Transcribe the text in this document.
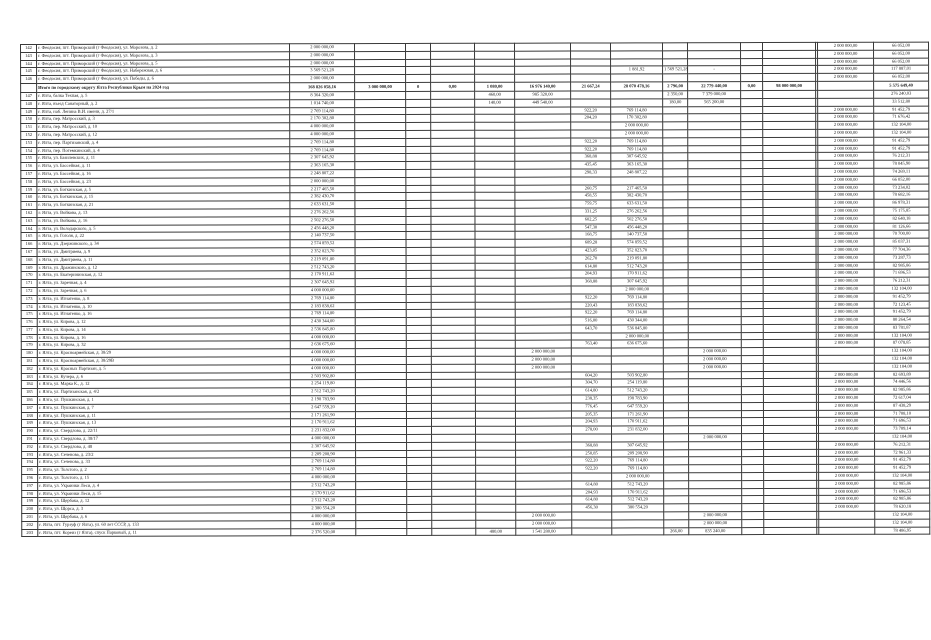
142	г. Феодосия, пгт. Приморский (г Феодосия), ул. Морозова, д. 2	2 000 000,00													2 000 000,00	66 052,00
143	г. Феодосия, пгт. Приморский (г Феодосия), ул. Морозова, д. 3	2 000 000,00													2 000 000,00	66 052,00
144	г. Феодосия, пгт. Приморский (г Феодосия), ул. Морозова, д. 5	2 000 000,00													2 000 000,00	66 052,00
145	г. Феодосия, пгт. Приморский (г Феодосия), ул. Набережная, д. 6	3 569 521,28							1 881,92	1 569 521,28	-				2 000 000,00	117 887,01
146	г. Феодосия, пгт. Приморский (г Феодосия), ул. Победы, д. 6	2 000 000,00													2 000 000,00	66 052,00
	Итого по городскому округу Ялта Республики Крым на 2024 год	168 826 058,16	3 000 000,00	0	0,00	1 080,00	16 976 140,00	21 667,24	28 070 478,16	2 796,00	22 779 440,00	0,00	98 000 000,00			5 575 649,40
147	г. Ялта, балка Техпая, д. 5	8 364 320,00				460,00	985 320,00			2 350,00	7 379 000,00					276 240,03
148	г. Ялта, въезд Санаторный, д. 2	1 014 740,00				140,00	449 540,00			180,00	565 200,00					33 512,80
149	г. Ялта, наб. Ленина В.И. имени, д. 27/1	2 769 114,80						922,20	769 114,80						2 000 000,00	91 452,79
150	г. Ялта, пер. Матросский, д. 3	2 170 302,80						204,20	170 302,80						2 000 000,00	71 676,42
151	г. Ялта, пер. Матросский, д. 10	4 000 000,00							2 000 000,00						2 000 000,00	132 104,00
152	г. Ялта, пер. Матросский, д. 12	4 000 000,00							2 000 000,00						2 000 000,00	132 104,00
153	г. Ялта, пер. Партизанский, д. 4	2 769 114,80						922,20	769 114,80						2 000 000,00	91 452,79
154	г. Ялта, пер. Потемкинский, д. 4	2 769 114,80						922,20	769 114,80						2 000 000,00	91 452,79
155	г. Ялта, ул. Базилевских, д. 11	2 307 645,92						368,88	307 645,92						2 000 000,00	76 212,31
156	г. Ялта, ул. Бассейная, д. 11	2 363 165,30						435,45	363 165,30						2 000 000,00	78 045,90
157	г. Ялта, ул. Бассейная, д. 16	2 248 807,22						298,33	248 807,22						2 000 000,00	74 269,11
158	г. Ялта, ул. Бассейная, д. 23	2 000 000,00													2 000 000,00	66 052,00
159	г. Ялта, ул. Боткинская, д. 5	2 217 465,50						260,75	217 465,50						2 000 000,00	73 234,02
160	г. Ялта, ул. Боткинская, д. 15	2 382 430,70						458,55	382 430,70						2 000 000,00	78 682,16
161	г. Ялта, ул. Боткинская, д. 21	2 633 631,50						759,75	633 631,50						2 000 000,00	86 978,31
162	г. Ялта, ул. Войкова, д. 13	2 276 262,56						331,25	276 262,56						2 000 000,00	75 175,85
163	г. Ялта, ул. Войкова, д. 16	2 502 276,50						602,25	502 276,50						2 000 000,00	82 640,18
164	г. Ялта, ул. Володарского, д. 5	2 456 448,20						547,30	456 448,20						2 000 000,00	81 126,66
165	г. Ялта, ул. Гоголя, д. 22	2 140 737,50						168,75	140 737,50						2 000 000,00	70 700,00
166	г. Ялта, ул. Дзержинского, д. 34	2 574 859,52						689,28	574 859,52						2 000 000,00	85 037,31
167	г. Ялта, ул. Дмитриева, д. 9	2 352 823,70						423,05	352 823,70						2 000 000,00	77 704,36
168	г. Ялта, ул. Дмитриева, д. 11	2 219 091,80						262,70	219 091,80						2 000 000,00	73 287,73
169	г. Ялта, ул. Дражинского, д. 12	2 512 743,20						614,80	512 743,20						2 000 000,00	82 985,86
170	г. Ялта, ул. Екатерининская, д. 12	2 170 911,62						204,93	170 911,62						2 000 000,00	71 696,53
171	г. Ялта, ул. Заречная, д. 4	2 307 645,92						368,88	307 645,92						2 000 000,00	76 212,31
172	г. Ялта, ул. Заречная, д. 6	4 000 000,00							2 000 000,00						2 000 000,00	132 104,00
173	г. Ялта, ул. Игнатенко, д. 8	2 769 114,80						922,20	769 114,80						2 000 000,00	91 452,79
174	г. Ялта, ул. Игнатенко, д. 10	2 183 838,62						220,43	183 838,62						2 000 000,00	72 123,45
175	г. Ялта, ул. Игнатенко, д. 16	2 769 114,80						922,20	769 114,80						2 000 000,00	91 452,79
176	г. Ялта, ул. Кирова, д. 12	2 430 344,00						516,00	430 344,00						2 000 000,00	80 264,54
177	г. Ялта, ул. Кирова, д. 14	2 536 845,80						643,70	536 845,80						2 000 000,00	83 781,87
178	г. Ялта, ул. Кирова, д. 16	4 000 000,00							2 000 000,00						2 000 000,00	132 104,00
179	г. Ялта, ул. Кирова, д. 32	2 636 675,60						763,40	636 675,60						2 000 000,00	87 078,85
180	г. Ялта, ул. Красноармейская, д. 38/29	4 000 000,00					2 000 000,00				2 000 000,00					132 104,00
181	г. Ялта, ул. Красноармейская, д. 38/29В	4 000 000,00					2 000 000,00				2 000 000,00					132 104,00
182	г. Ялта, ул. Красных Партизан, д. 5	4 000 000,00					2 000 000,00				2 000 000,00					132 104,00
183	г. Ялта, ул. Кучера, д. 6	2 503 902,80						604,20	503 902,80						2 000 000,00	82 693,89
184	г. Ялта, ул. Марка К., д. 12	2 254 119,80						304,70	254 119,80						2 000 000,00	74 446,56
185	г. Ялта, ул. Партизанская, д. 4/2	2 512 743,20						614,80	512 743,20						2 000 000,00	82 985,86
186	г. Ялта, ул. Пушкинская, д. 1	2 198 783,90						238,35	198 783,90						2 000 000,00	72 617,04
187	г. Ялта, ул. Пушкинская, д. 7	2 647 559,20						776,45	647 559,20						2 000 000,00	87 438,29
188	г. Ялта, ул. Пушкинская, д. 11	2 171 261,90						205,35	171 261,90						2 000 000,00	71 708,10
189	г. Ялта, ул. Пушкинская, д. 13	2 170 911,62						204,93	170 911,62						2 000 000,00	71 696,53
190	г. Ялта, ул. Свердлова, д. 22/11	2 231 832,00						278,00	231 832,00						2 000 000,00	73 709,14
191	г. Ялта, ул. Свердлова, д. 38/17	4 000 000,00									2 000 000,00					132 104,00
192	г. Ялта, ул. Свердлова, д. 48	2 307 645,92						368,88	307 645,92						2 000 000,00	76 212,31
193	г. Ялта, ул. Сеченова, д. 23/2	2 209 208,90						250,85	209 208,90						2 000 000,00	72 961,33
194	г. Ялта, ул. Сеченова, д. 33	2 769 114,80						922,20	769 114,80						2 000 000,00	91 452,79
195	г. Ялта, ул. Толстого, д. 2	2 769 114,80						922,20	769 114,80						2 000 000,00	91 452,79
196	г. Ялта, ул. Толстого, д. 15	4 000 000,00							2 000 000,00						2 000 000,00	132 104,00
197	г. Ялта, ул. Украинки Леси, д. 4	2 512 743,20						614,80	512 743,20						2 000 000,00	82 985,86
198	г. Ялта, ул. Украинки Леси, д. 15	2 170 911,62						204,93	170 911,62						2 000 000,00	71 696,53
199	г. Ялта, ул. Щербака, д. 12	2 512 743,20						614,80	512 743,20						2 000 000,00	82 985,86
200	г. Ялта, ул. Щорса, д. 3	2 380 554,20						456,30	380 554,20						2 000 000,00	78 620,18
201	г. Ялта, ул. Щербака, д. 6	4 000 000,00					2 000 000,00				2 000 000,00					132 104,00
202	г. Ялта, пгт. Гурзуф (г Ялта), ул. 60 лет СССР, д. 133	4 000 000,00					2 000 000,00				2 000 000,00					132 104,00
203	г. Ялта, пгт. Кореиз (г Ялта), спуск Парковый, д. 11	2 376 520,00				480,00	1 541 280,00			266,00	835 240,00					78 486,95
